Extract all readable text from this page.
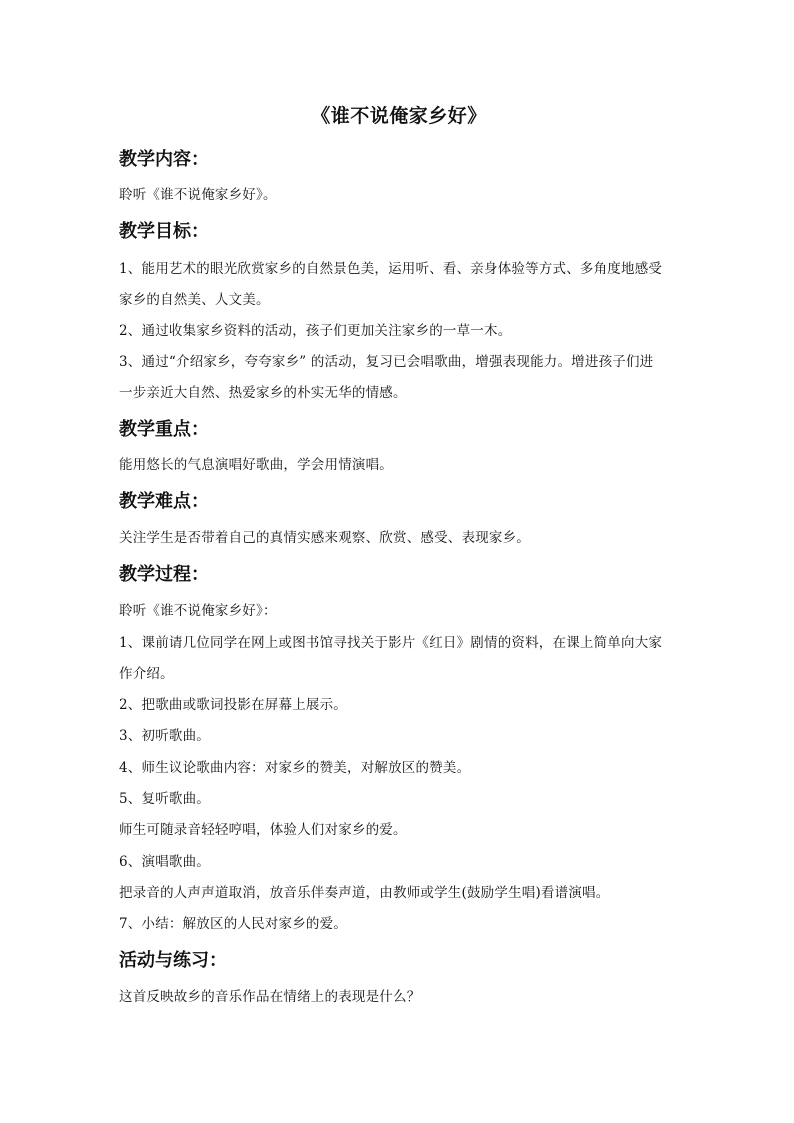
《谁不说俺家乡好》
教学内容：
聆听《谁不说俺家乡好》。
教学目标：
1、能用艺术的眼光欣赏家乡的自然景色美，运用听、看、亲身体验等方式、多角度地感受
家乡的自然美、人文美。
2、通过收集家乡资料的活动，孩子们更加关注家乡的一草一木。
3、通过“介绍家乡，夸夸家乡” 的活动，复习已会唱歌曲，增强表现能力。增进孩子们进
一步亲近大自然、热爱家乡的朴实无华的情感。
教学重点：
能用悠长的气息演唱好歌曲，学会用情演唱。
教学难点：
关注学生是否带着自己的真情实感来观察、欣赏、感受、表现家乡。
教学过程：
聆听《谁不说俺家乡好》：
1、课前请几位同学在网上或图书馆寻找关于影片《红日》剧情的资料，在课上简单向大家
作介绍。
2、把歌曲或歌词投影在屏幕上展示。
3、初听歌曲。
4、师生议论歌曲内容：对家乡的赞美，对解放区的赞美。
5、复听歌曲。
师生可随录音轻轻哼唱，体验人们对家乡的爱。
6、演唱歌曲。
把录音的人声声道取消，放音乐伴奏声道，由教师或学生(鼓励学生唱)看谱演唱。
7、小结：解放区的人民对家乡的爱。
活动与练习：
这首反映故乡的音乐作品在情绪上的表现是什么？
